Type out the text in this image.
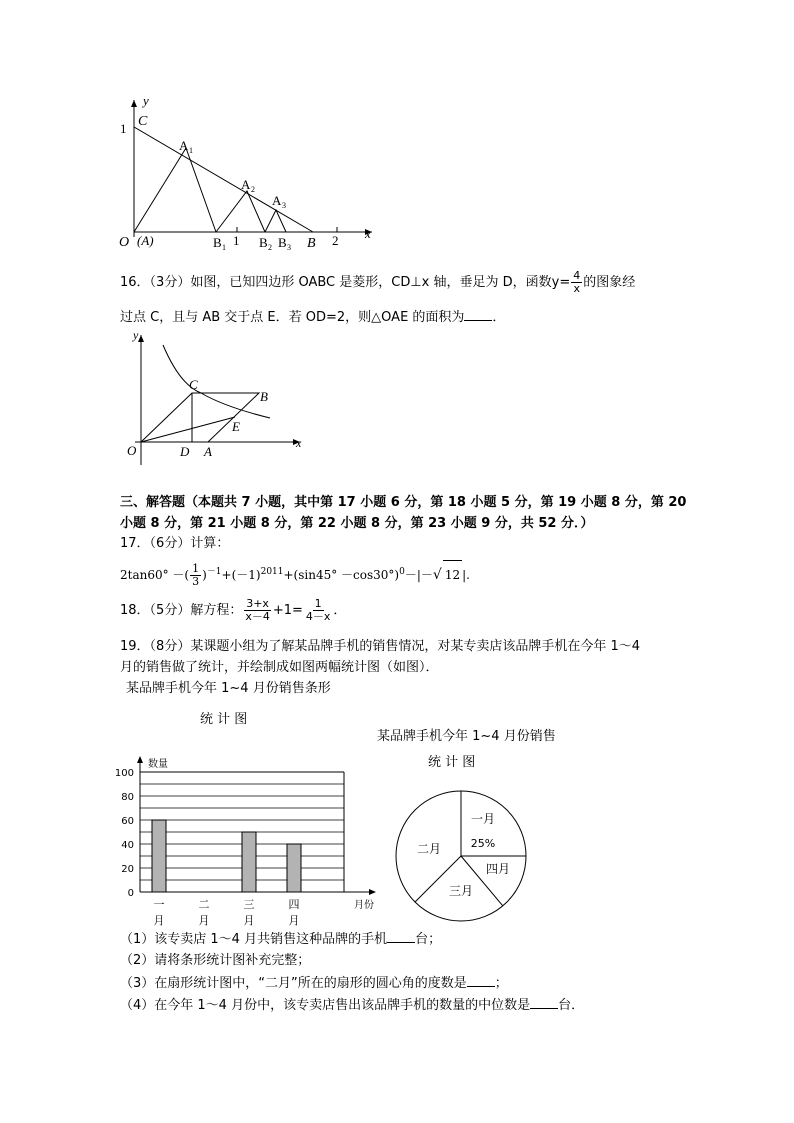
y
x
1 C
A 1
A 2
A 3
O (A)	B 1 1 B 2 B 3 B 2
16．（3分）如图，已知四边形 OABC 是菱形，CD⊥x 轴，垂足为 D，函数$y= \frac{4}{x}$ 的图象经
过点 C，且与 AB 交于点 E．若 OD=2，则△OAE 的面积为 ．
y
x
O
C
B
E
D A
三、解答题（本题共 7 小题，其中第 17 小题 6 分，第 18 小题 5 分，第 19 小题 8 分，第 20
小题 8 分，第 21 小题 8 分，第 22 小题 8 分，第 23 小题 9 分，共 52 分．）
17．（6分）计算：
2tan60° －( $\frac{1}{3} )^{-1}+(-1)^{2011}+(\sin 45^\circ -\cos 30^\circ)^0-|-√$ 12 |.
18．（5分）解方程： $\frac{3+x}{x-4} +1= \frac{1}{4-x}$ ．
19．（8分）某课题小组为了解某品牌手机的销售情况，对某专卖店该品牌手机在今年 1～4
月的销售做了统计，并绘制成如图两幅统计图（如图）．
某品牌手机今年 1~4 月份销售条形
统 计 图
某品牌手机今年 1~4 月份销售
统 计 图
数量
月份
0
20
40
60
80
100
一
月
二
月
三
月
四
月
一月
25%
四月
三月
二月
（1）该专卖店 1～4 月共销售这种品牌的手机 台；
（2）请将条形统计图补充完整；
（3）在扇形统计图中，“二月”所在的扇形的圆心角的度数是 ；
（4）在今年 1～4 月份中，该专卖店售出该品牌手机的数量的中位数是 台．
